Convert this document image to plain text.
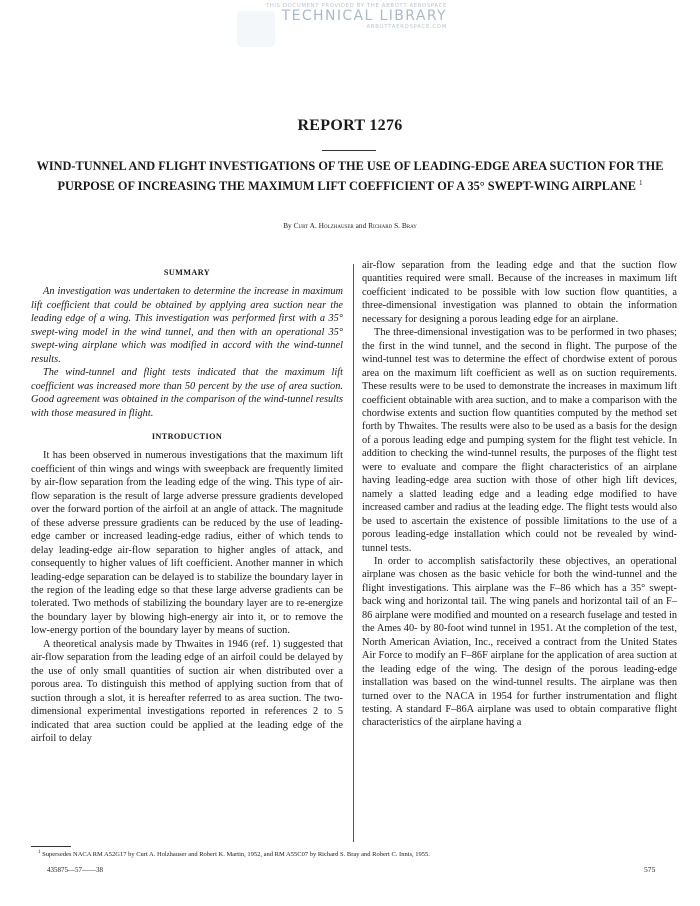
THIS DOCUMENT PROVIDED BY THE ABBOTT AEROSPACE
TECHNICAL LIBRARY
ABBOTTAEROSPACE.COM
REPORT 1276
WIND-TUNNEL AND FLIGHT INVESTIGATIONS OF THE USE OF LEADING-EDGE AREA SUCTION FOR THE PURPOSE OF INCREASING THE MAXIMUM LIFT COEFFICIENT OF A 35° SWEPT-WING AIRPLANE $^1$
By Curt A. Holzhauser and Richard S. Bray
SUMMARY

An investigation was undertaken to determine the increase in maximum lift coefficient that could be obtained by applying area suction near the leading edge of a wing. This investigation was performed first with a 35° swept-wing model in the wind tunnel, and then with an operational 35° swept-wing airplane which was modified in accord with the wind-tunnel results.

The wind-tunnel and flight tests indicated that the maximum lift coefficient was increased more than 50 percent by the use of area suction. Good agreement was obtained in the comparison of the wind-tunnel results with those measured in flight.

INTRODUCTION

It has been observed in numerous investigations that the maximum lift coefficient of thin wings and wings with sweepback are frequently limited by air-flow separation from the leading edge of the wing. This type of air-flow separation is the result of large adverse pressure gradients developed over the forward portion of the airfoil at an angle of attack. The magnitude of these adverse pressure gradients can be reduced by the use of leading-edge camber or increased leading-edge radius, either of which tends to delay leading-edge air-flow separation to higher angles of attack, and consequently to higher values of lift coefficient. Another manner in which leading-edge separation can be delayed is to stabilize the boundary layer in the region of the leading edge so that these large adverse gradients can be tolerated. Two methods of stabilizing the boundary layer are to re-energize the boundary layer by blowing high-energy air into it, or to remove the low-energy portion of the boundary layer by means of suction.

A theoretical analysis made by Thwaites in 1946 (ref. 1) suggested that air-flow separation from the leading edge of an airfoil could be delayed by the use of only small quantities of suction air when distributed over a porous area. To distinguish this method of applying suction from that of suction through a slot, it is hereafter referred to as area suction. The two-dimensional experimental investigations reported in references 2 to 5 indicated that area suction could be applied at the leading edge of the airfoil to delay

air-flow separation from the leading edge and that the suction flow quantities required were small. Because of the increases in maximum lift coefficient indicated to be possible with low suction flow quantities, a three-dimensional investigation was planned to obtain the information necessary for designing a porous leading edge for an airplane.

The three-dimensional investigation was to be performed in two phases; the first in the wind tunnel, and the second in flight. The purpose of the wind-tunnel test was to determine the effect of chordwise extent of porous area on the maximum lift coefficient as well as on suction requirements. These results were to be used to demonstrate the increases in maximum lift coefficient obtainable with area suction, and to make a comparison with the chordwise extents and suction flow quantities computed by the method set forth by Thwaites. The results were also to be used as a basis for the design of a porous leading edge and pumping system for the flight test vehicle. In addition to checking the wind-tunnel results, the purposes of the flight test were to evaluate and compare the flight characteristics of an airplane having leading-edge area suction with those of other high lift devices, namely a slatted leading edge and a leading edge modified to have increased camber and radius at the leading edge. The flight tests would also be used to ascertain the existence of possible limitations to the use of a porous leading-edge installation which could not be revealed by wind-tunnel tests.

In order to accomplish satisfactorily these objectives, an operational airplane was chosen as the basic vehicle for both the wind-tunnel and the flight investigations. This airplane was the F–86 which has a 35° swept-back wing and horizontal tail. The wing panels and horizontal tail of an F–86 airplane were modified and mounted on a research fuselage and tested in the Ames 40- by 80-foot wind tunnel in 1951. At the completion of the test, North American Aviation, Inc., received a contract from the United States Air Force to modify an F–86F airplane for the application of area suction at the leading edge of the wing. The design of the porous leading-edge installation was based on the wind-tunnel results. The airplane was then turned over to the NACA in 1954 for further instrumentation and flight testing. A standard F–86A airplane was used to obtain comparative flight characteristics of the airplane having a

$^1$ Supersedes NACA RM A52G17 by Curt A. Holzhauser and Robert K. Martin, 1952, and RM A55C07 by Richard S. Bray and Robert C. Innis, 1955.
435875—57——38	575
